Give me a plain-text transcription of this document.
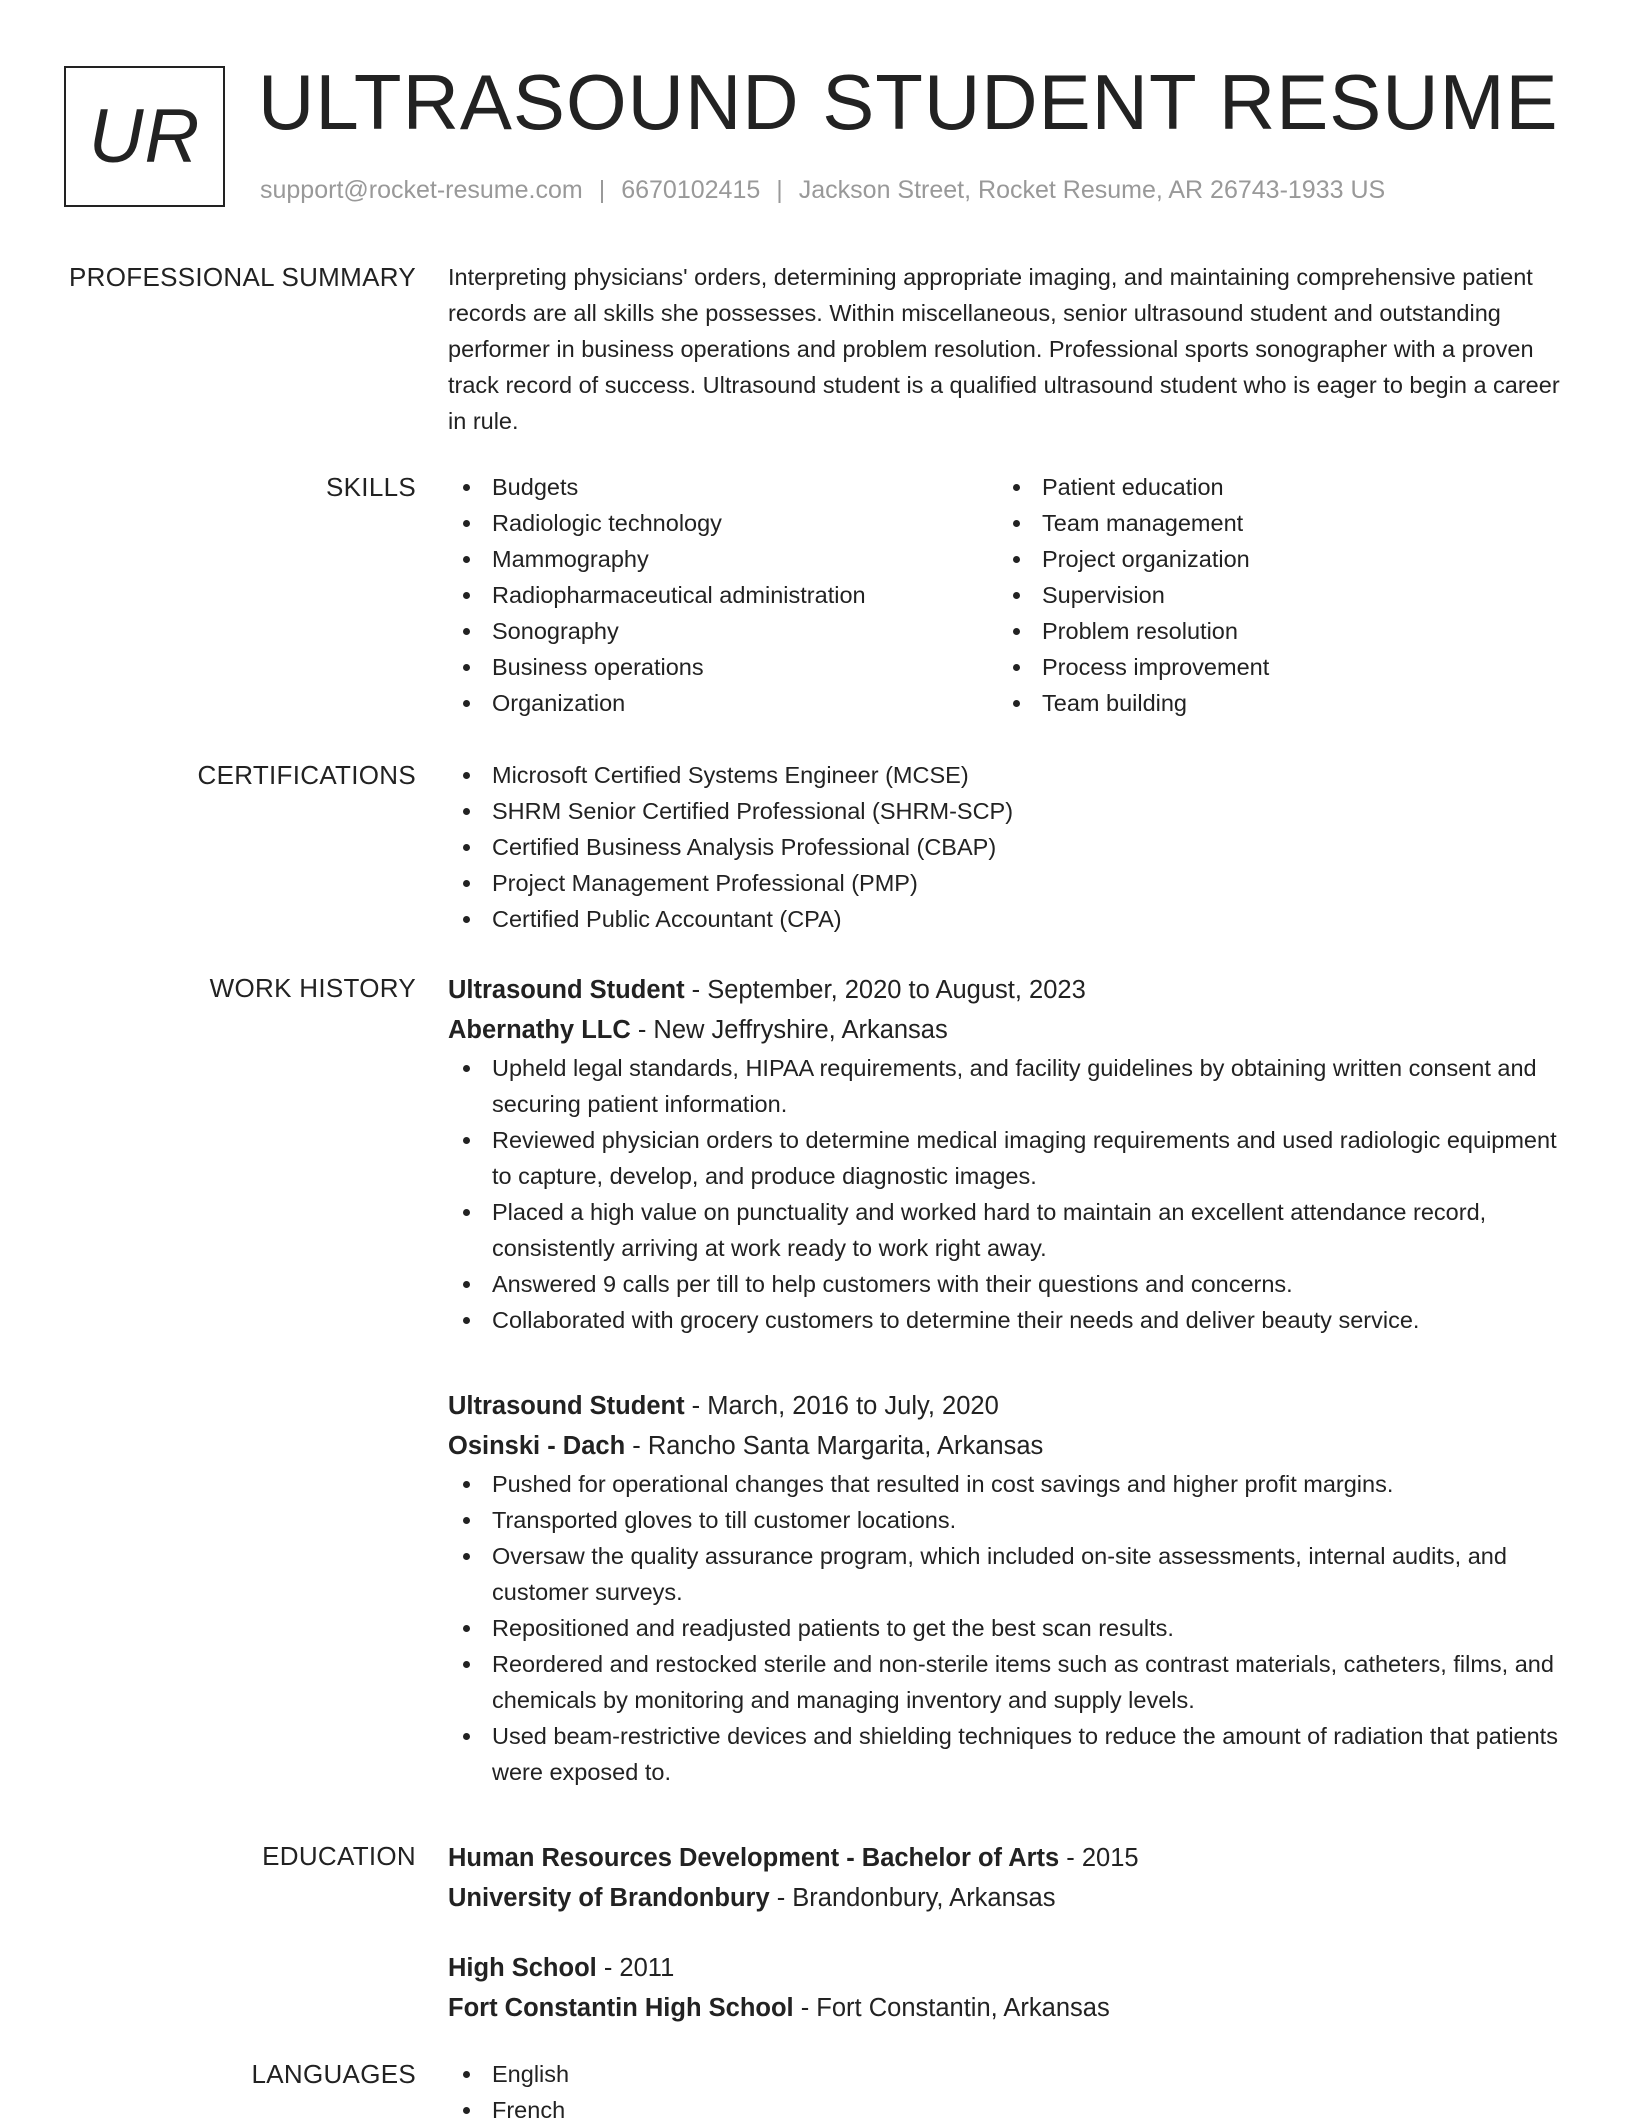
UR ULTRASOUND STUDENT RESUME
support@rocket-resume.com | 6670102415 | Jackson Street, Rocket Resume, AR 26743-1933 US
PROFESSIONAL SUMMARY Interpreting physicians' orders, determining appropriate imaging, and maintaining comprehensive patient records are all skills she possesses. Within miscellaneous, senior ultrasound student and outstanding performer in business operations and problem resolution. Professional sports sonographer with a proven track record of success. Ultrasound student is a qualified ultrasound student who is eager to begin a career in rule.

SKILLS	Budgets
Radiologic technology
Mammography
Radiopharmaceutical administration
Sonography
Business operations
Organization
Patient education
Team management
Project organization
Supervision
Problem resolution
Process improvement
Team building
CERTIFICATIONS	Microsoft Certified Systems Engineer (MCSE)
SHRM Senior Certified Professional (SHRM-SCP)
Certified Business Analysis Professional (CBAP)
Project Management Professional (PMP)
Certified Public Accountant (CPA)
WORK HISTORY Ultrasound Student - September, 2020 to August, 2023
Abernathy LLC - New Jeffryshire, Arkansas
Upheld legal standards, HIPAA requirements, and facility guidelines by obtaining written consent and securing patient information.
Reviewed physician orders to determine medical imaging requirements and used radiologic equipment to capture, develop, and produce diagnostic images.
Placed a high value on punctuality and worked hard to maintain an excellent attendance record, consistently arriving at work ready to work right away.
Answered 9 calls per till to help customers with their questions and concerns.
Collaborated with grocery customers to determine their needs and deliver beauty service.
Ultrasound Student - March, 2016 to July, 2020
Osinski - Dach - Rancho Santa Margarita, Arkansas
Pushed for operational changes that resulted in cost savings and higher profit margins.
Transported gloves to till customer locations.
Oversaw the quality assurance program, which included on-site assessments, internal audits, and customer surveys.
Repositioned and readjusted patients to get the best scan results.
Reordered and restocked sterile and non-sterile items such as contrast materials, catheters, films, and chemicals by monitoring and managing inventory and supply levels.
Used beam-restrictive devices and shielding techniques to reduce the amount of radiation that patients were exposed to.
EDUCATION Human Resources Development - Bachelor of Arts - 2015
University of Brandonbury - Brandonbury, Arkansas
High School - 2011
Fort Constantin High School - Fort Constantin, Arkansas
LANGUAGES	English
French
